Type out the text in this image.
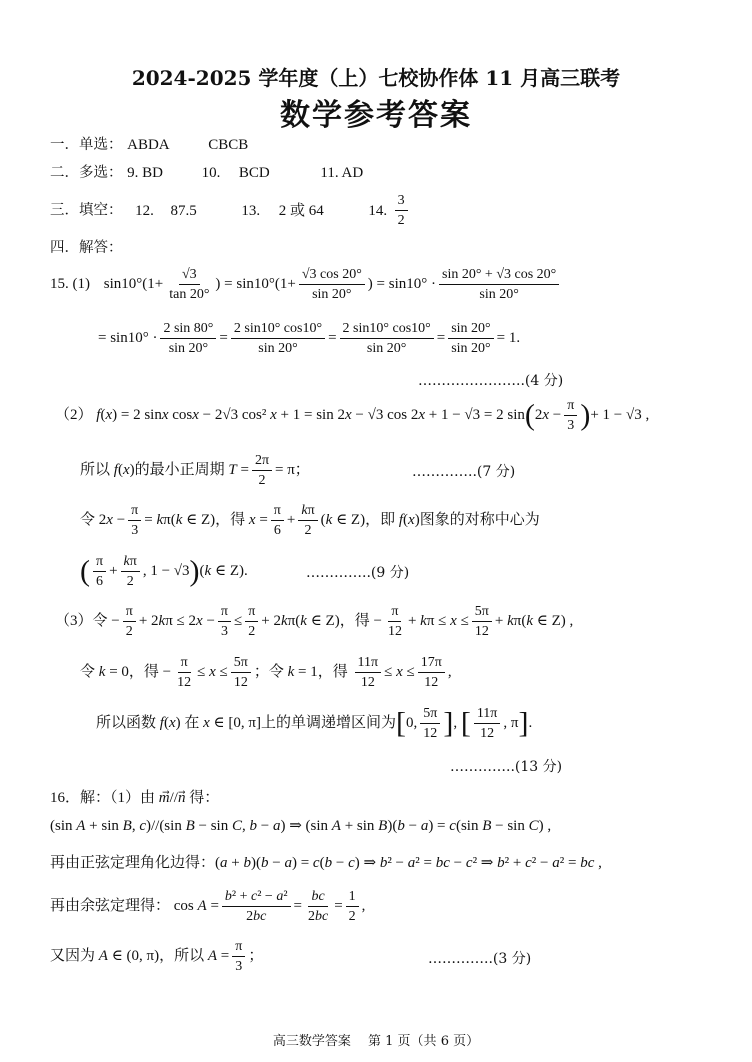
2024-2025 学年度（上）七校协作体 11 月高三联考
数学参考答案
一．单选： ABDA	CBCB
二．多选： 9. BD	10. BCD	11. AD
三．填空： 12. 87.5	13. 2 或 64	14. $\frac{3}{2}$
四．解答：
15. (1) $\sin 10^\circ(1+ \frac{√3}{\tan 20^\circ}$ ) = $\sin 10^\circ(1+ \frac{√3 \cos 20^\circ}{\sin 20^\circ}$ ) = $\sin 10^\circ \cdot \frac{\sin 20^\circ + √3 \cos 20^\circ}{\sin 20^\circ}$
= $\sin 10^\circ \cdot \frac{2 \sin 80^\circ}{\sin 20^\circ} = \frac{2 \sin 10^\circ \cos 10^\circ}{\sin 20^\circ} = \frac{2 \sin 10^\circ \cos 10^\circ}{\sin 20^\circ} = \frac{\sin 20^\circ}{\sin 20^\circ} = 1$.
…………………..(4 分)
（2） f(x) = 2 sinx cosx − 2√3 cos² x + 1 = sin 2x − √3 cos 2x + 1 − √3 = 2 $\sin(2x - \frac{\pi}{3}$ )+ 1 − √3 ,
所以 f(x)的最小正周期 $T = \frac{2\pi}{2} = \pi$；	…………..(7 分)
令 $2x - \frac{\pi}{3} = k\pi(k$ ∈ Z)，得 $x = \frac{\pi}{6} + \frac{k\pi}{2} (k$ ∈ Z)，即 f(x)图象的对称中心为
( $\frac{\pi}{6} + \frac{k\pi}{2}$ , 1 − √3)(k ∈ Z).	…………..(9 分)
（3）令 − $\frac{\pi}{2} + 2k\pi \le 2x - \frac{\pi}{3} \le \frac{\pi}{2} + 2k\pi(k$ ∈ Z)，得 − $\frac{\pi}{12} + k\pi \le x \le \frac{5\pi}{12} + k\pi(k$ ∈ Z) ,
令 k = 0，得 − $\frac{\pi}{12} \le x \le \frac{5\pi}{12}$ ；令 k = 1，得 $\frac{11\pi}{12} \le x \le \frac{17\pi}{12}$ ,
所以函数 f(x) 在 x ∈ [0, π]上的单调递增区间为[0, $\frac{5\pi}{12}$ ], [ $\frac{11\pi}{12}$ , π].
…………..(13 分)
16．解：（1）由 m⃗//n⃗ 得：
(sin A + sin B, c)//(sin B − sin C, b − a) ⇒ (sin A + sin B)(b − a) = c(sin B − sin C) ,
再由正弦定理角化边得：(a + b)(b − a) = c(b − c) ⇒ b² − a² = bc − c² ⇒ b² + c² − a² = bc ,
再由余弦定理得： $\cos A = \frac{\text{b² + c² − a²}}{2bc} = \frac{bc}{2bc} = \frac{1}{2}$ ,
又因为 A ∈ (0, π)，所以 $A = \frac{\pi}{3}$ ；	…………..(3 分)
高三数学答案　 第 1 页（共 6 页）
